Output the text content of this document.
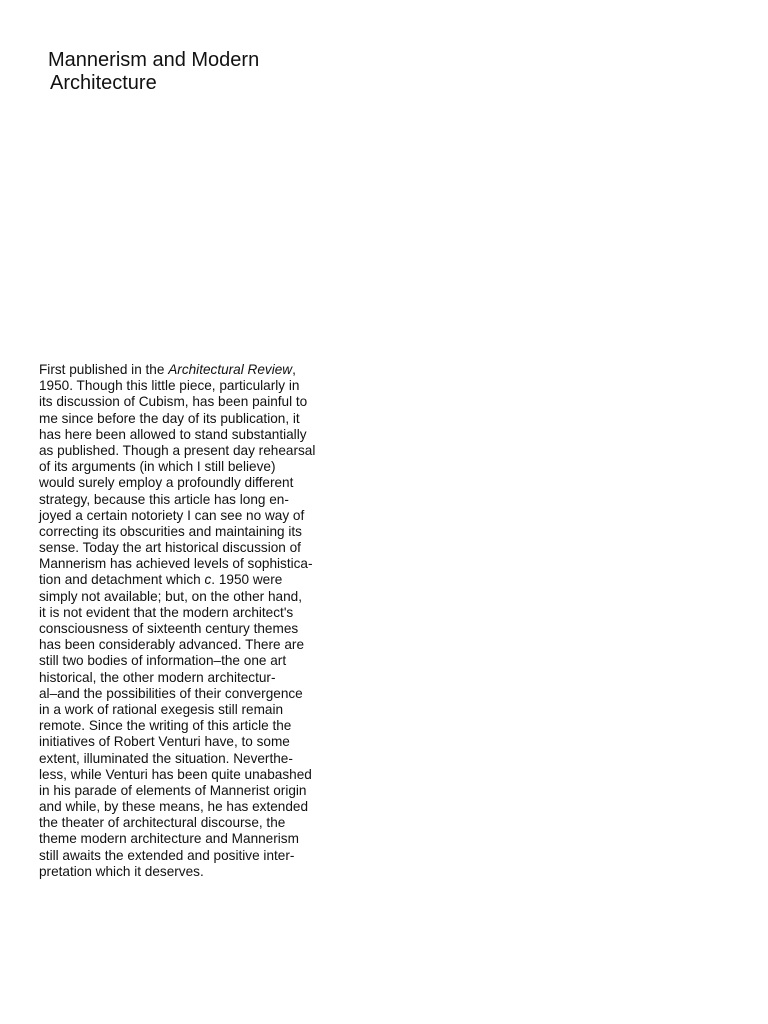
Mannerism and Modern
Architecture
First published in the Architectural Review,
1950. Though this little piece, particularly in
its discussion of Cubism, has been painful to
me since before the day of its publication, it
has here been allowed to stand substantially
as published. Though a present day rehearsal
of its arguments (in which I still believe)
would surely employ a profoundly different
strategy, because this article has long en-
joyed a certain notoriety I can see no way of
correcting its obscurities and maintaining its
sense. Today the art historical discussion of
Mannerism has achieved levels of sophistica-
tion and detachment which c. 1950 were
simply not available; but, on the other hand,
it is not evident that the modern architect's
consciousness of sixteenth century themes
has been considerably advanced. There are
still two bodies of information–the one art
historical, the other modern architectur-
al–and the possibilities of their convergence
in a work of rational exegesis still remain
remote. Since the writing of this article the
initiatives of Robert Venturi have, to some
extent, illuminated the situation. Neverthe-
less, while Venturi has been quite unabashed
in his parade of elements of Mannerist origin
and while, by these means, he has extended
the theater of architectural discourse, the
theme modern architecture and Mannerism
still awaits the extended and positive inter-
pretation which it deserves.
